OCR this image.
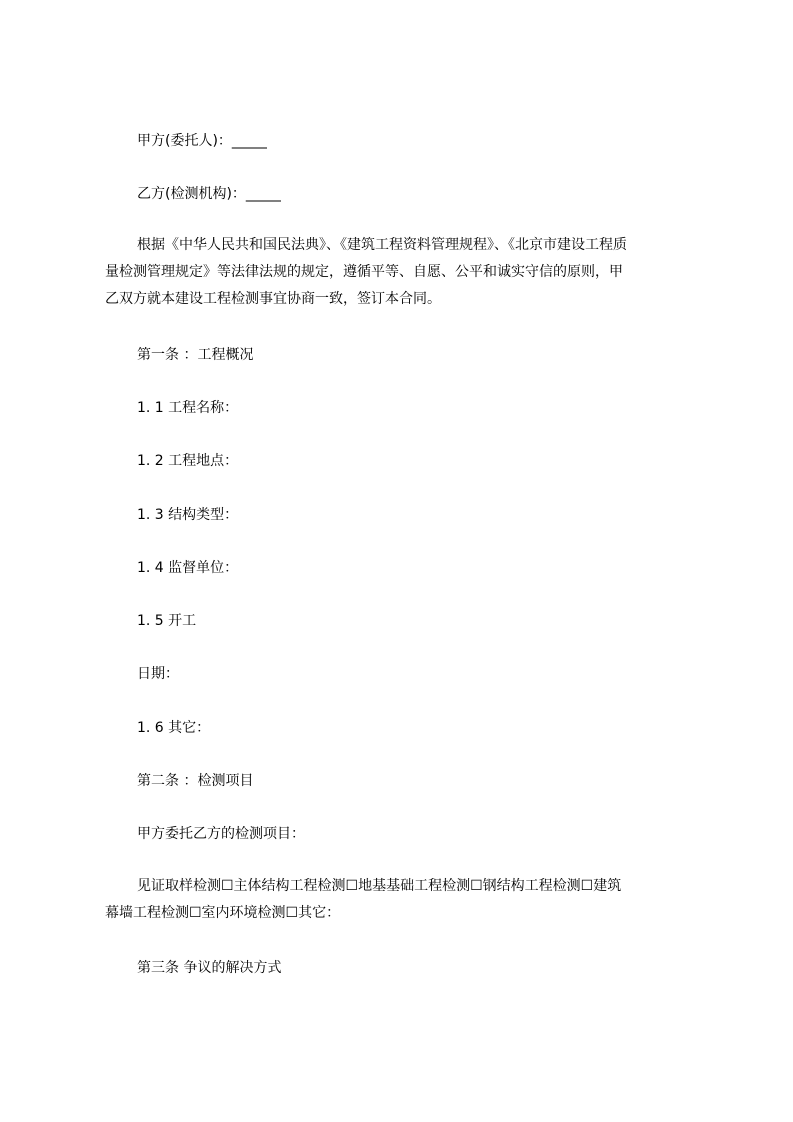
甲方(委托人)：_____
乙方(检测机构)：_____
根据《中华人民共和国民法典》、《建筑工程资料管理规程》、《北京市建设工程质
量检测管理规定》等法律法规的规定，遵循平等、自愿、公平和诚实守信的原则，甲
乙双方就本建设工程检测事宜协商一致，签订本合同。
第一条 ：工程概况
1. 1 工程名称：
1. 2 工程地点：
1. 3 结构类型：
1. 4 监督单位：
1. 5 开工
日期：
1. 6 其它：
第二条 ：检测项目
甲方委托乙方的检测项目：
见证取样检测☐主体结构工程检测☐地基基础工程检测☐钢结构工程检测☐建筑
幕墙工程检测☐室内环境检测☐其它：
第三条 争议的解决方式
